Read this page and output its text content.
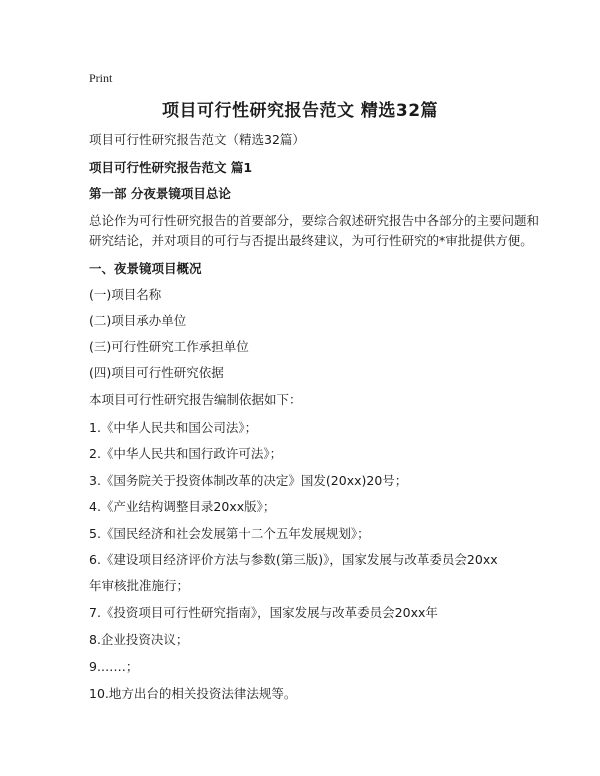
Print
项目可行性研究报告范文 精选32篇
项目可行性研究报告范文（精选32篇）
项目可行性研究报告范文 篇1
第一部 分夜景镜项目总论
总论作为可行性研究报告的首要部分，要综合叙述研究报告中各部分的主要问题和
研究结论，并对项目的可行与否提出最终建议，为可行性研究的*审批提供方便。
一、夜景镜项目概况
(一)项目名称
(二)项目承办单位
(三)可行性研究工作承担单位
(四)项目可行性研究依据
本项目可行性研究报告编制依据如下：
1.《中华人民共和国公司法》；
2.《中华人民共和国行政许可法》；
3.《国务院关于投资体制改革的决定》国发(20xx)20号；
4.《产业结构调整目录20xx版》；
5.《国民经济和社会发展第十二个五年发展规划》；
6.《建设项目经济评价方法与参数(第三版)》，国家发展与改革委员会20xx
年审核批准施行；
7.《投资项目可行性研究指南》，国家发展与改革委员会20xx年
8.企业投资决议；
9.……；
10.地方出台的相关投资法律法规等。
